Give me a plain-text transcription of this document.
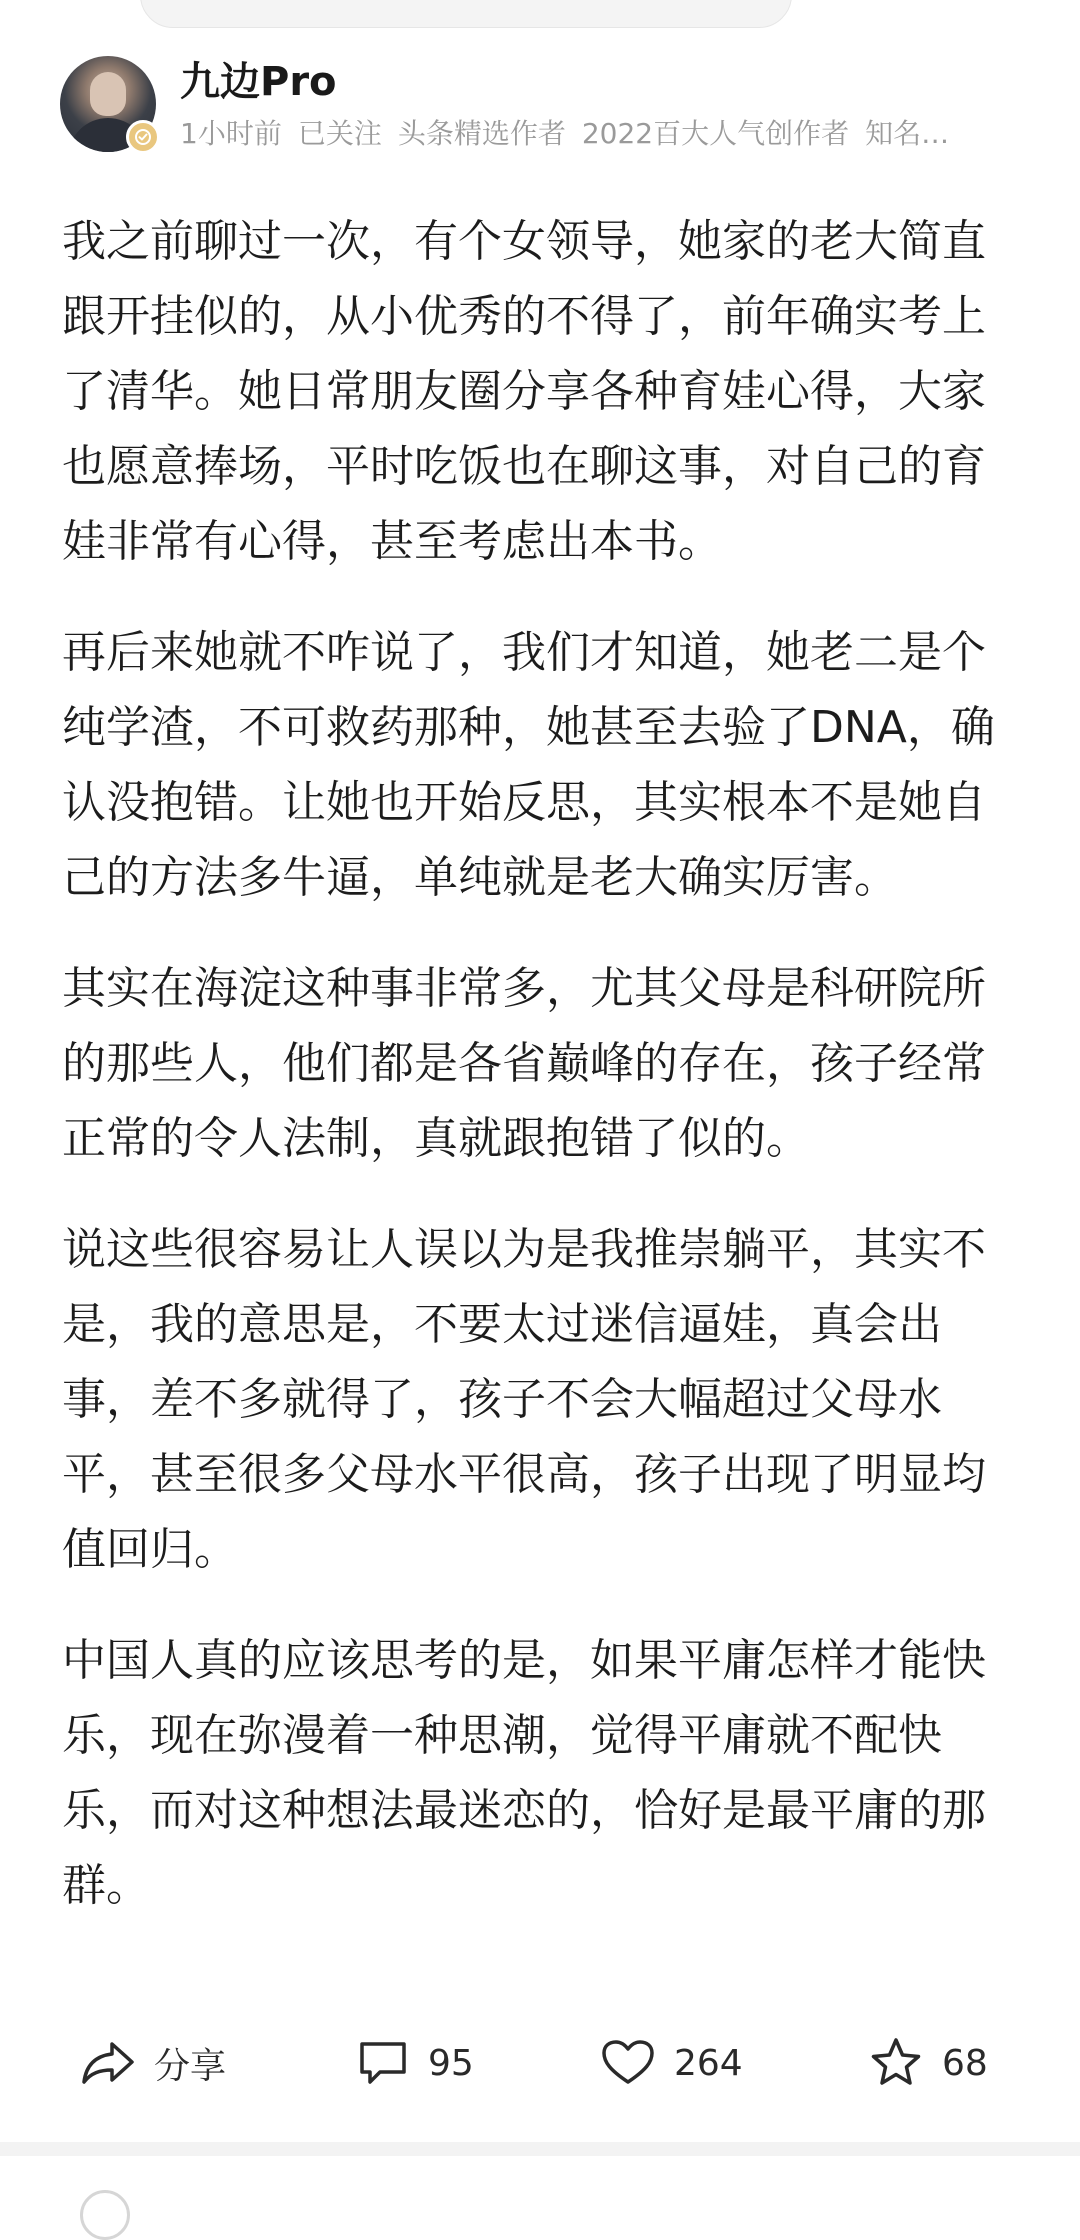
九边Pro
1小时前 已关注 头条精选作者 2022百大人气创作者 知名…

我之前聊过一次，有个女领导，她家的老大简直跟开挂似的，从小优秀的不得了，前年确实考上了清华。她日常朋友圈分享各种育娃心得，大家也愿意捧场，平时吃饭也在聊这事，对自己的育娃非常有心得，甚至考虑出本书。

再后来她就不咋说了，我们才知道，她老二是个纯学渣，不可救药那种，她甚至去验了DNA，确认没抱错。让她也开始反思，其实根本不是她自己的方法多牛逼，单纯就是老大确实厉害。

其实在海淀这种事非常多，尤其父母是科研院所的那些人，他们都是各省巅峰的存在，孩子经常正常的令人法制，真就跟抱错了似的。

说这些很容易让人误以为是我推崇躺平，其实不是，我的意思是，不要太过迷信逼娃，真会出事，差不多就得了，孩子不会大幅超过父母水平，甚至很多父母水平很高，孩子出现了明显均值回归。

中国人真的应该思考的是，如果平庸怎样才能快乐，现在弥漫着一种思潮，觉得平庸就不配快乐，而对这种想法最迷恋的，恰好是最平庸的那群。

分享	95	264	68
